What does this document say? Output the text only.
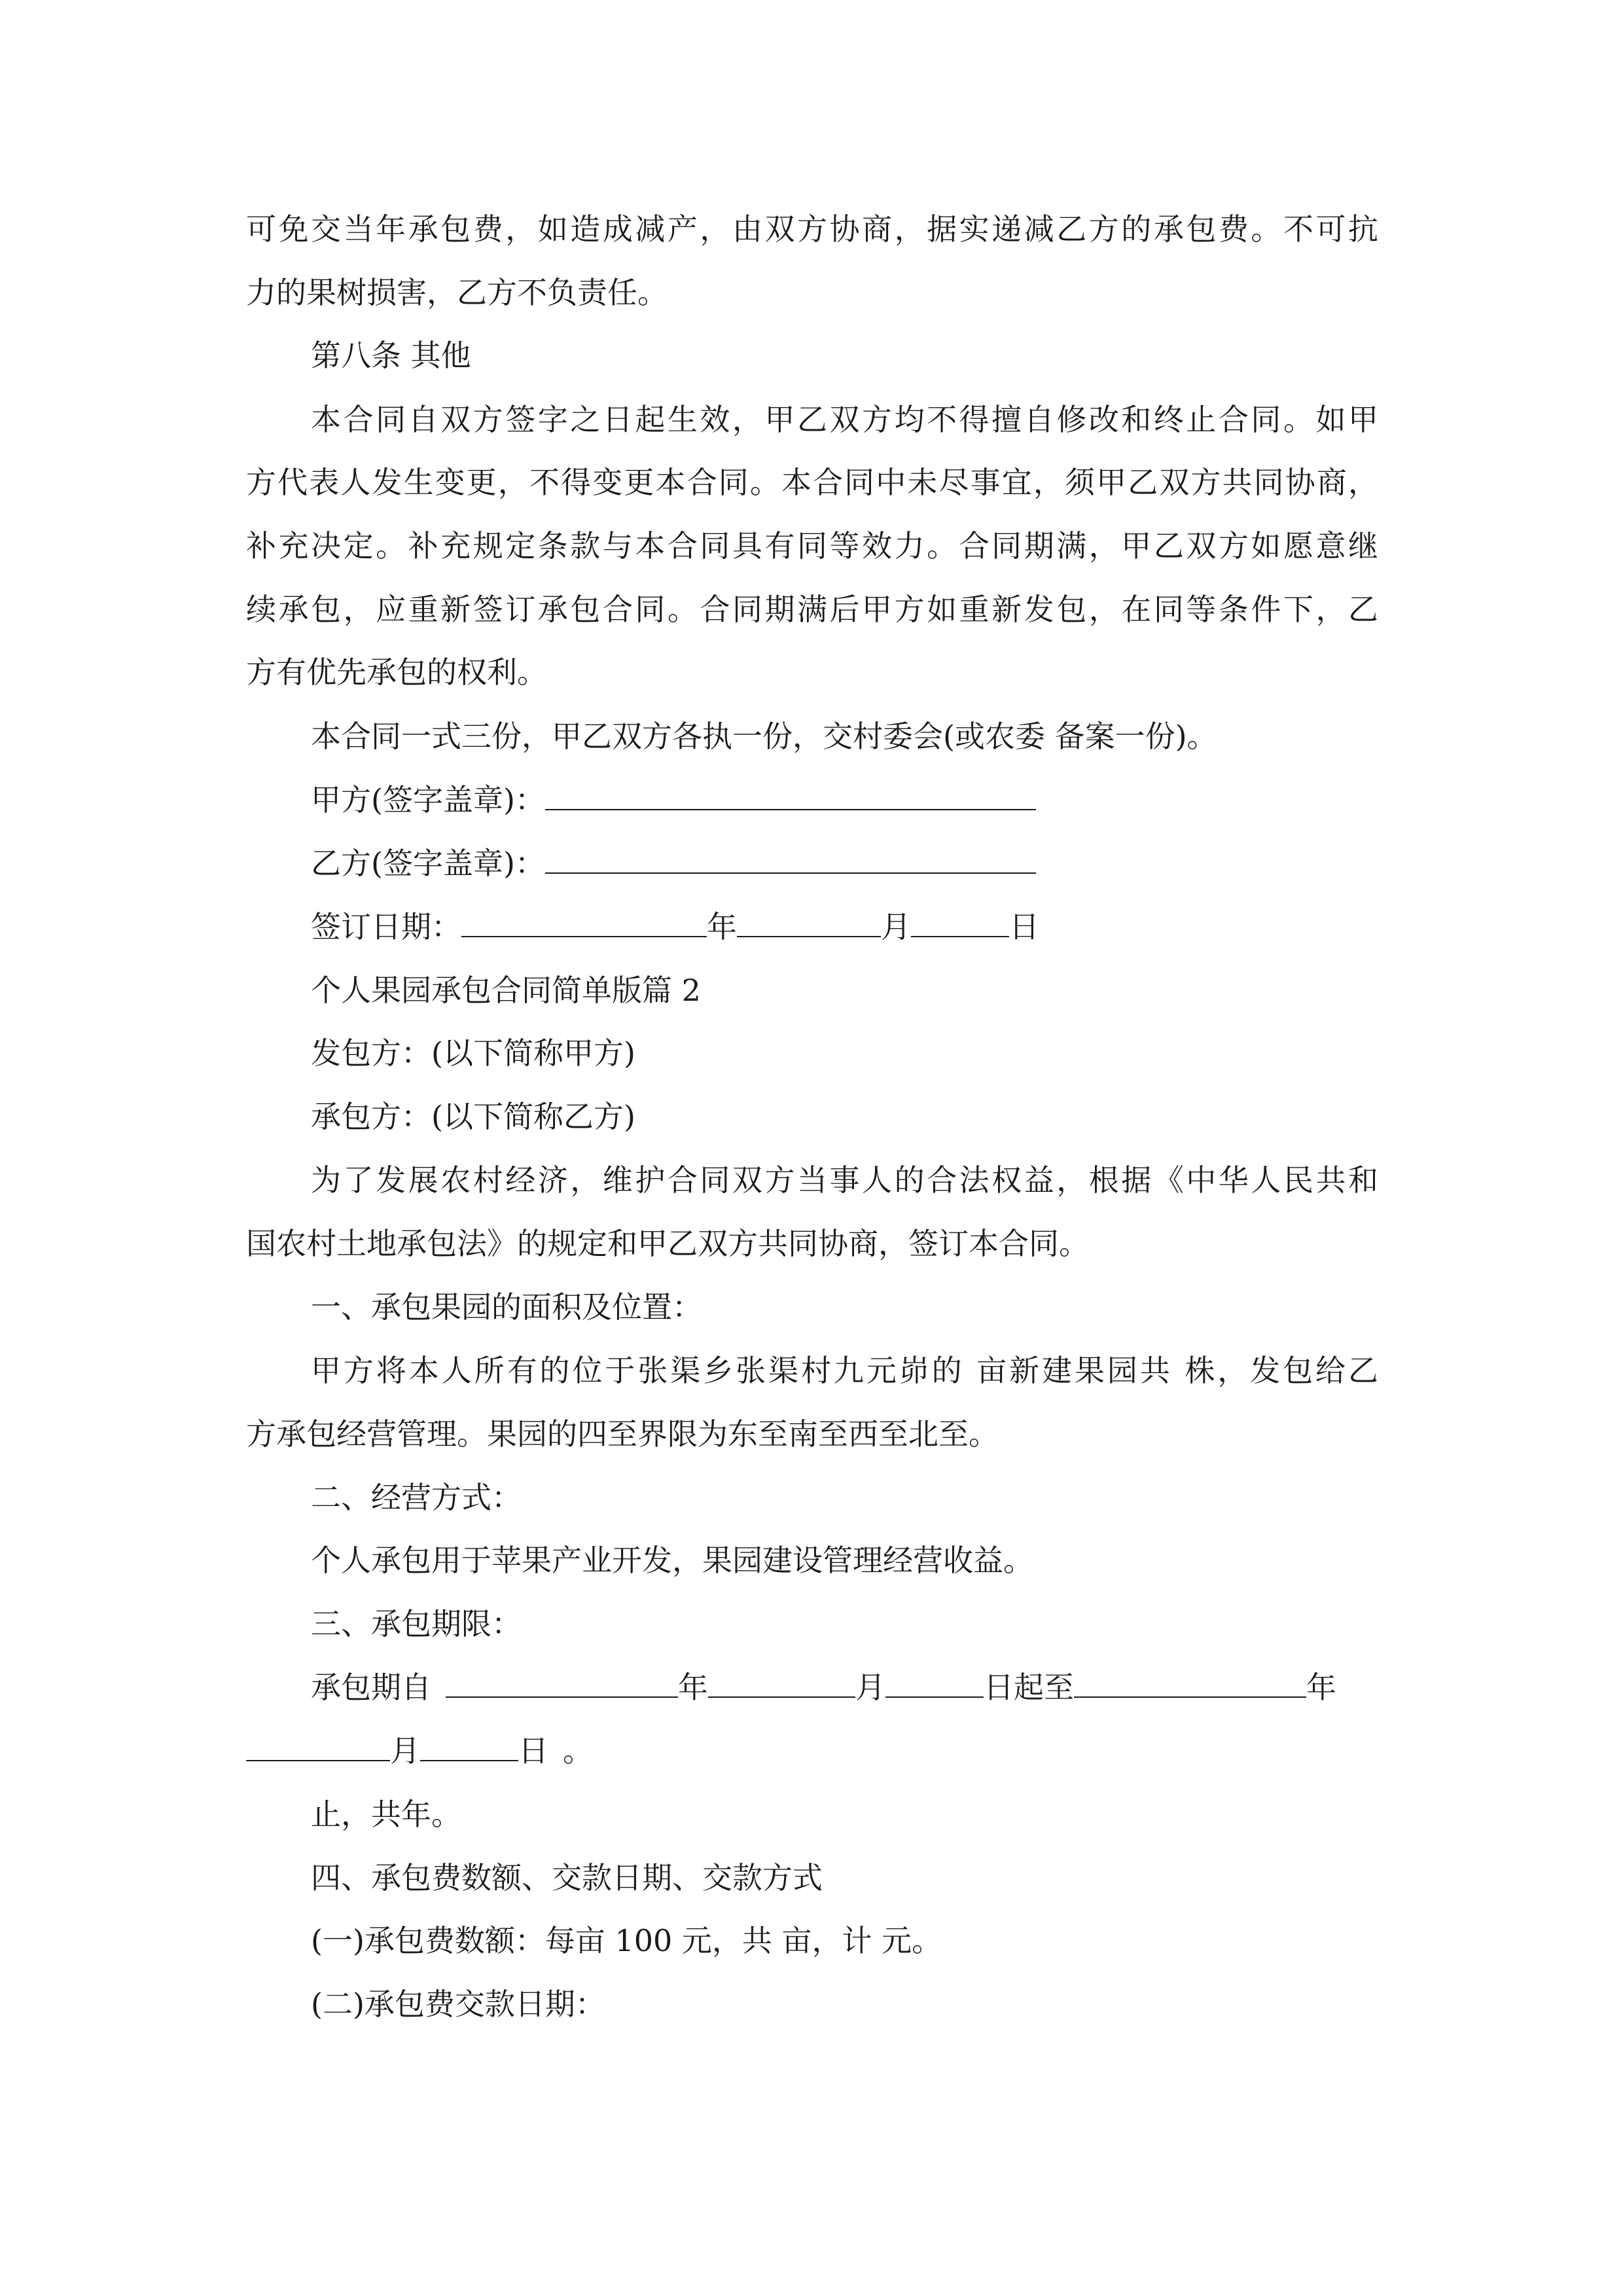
可免交当年承包费，如造成减产，由双方协商，据实递减乙方的承包费。不可抗
力的果树损害，乙方不负责任。
第八条 其他
本合同自双方签字之日起生效，甲乙双方均不得擅自修改和终止合同。如甲
方代表人发生变更，不得变更本合同。本合同中未尽事宜，须甲乙双方共同协商，
补充决定。补充规定条款与本合同具有同等效力。合同期满，甲乙双方如愿意继
续承包，应重新签订承包合同。合同期满后甲方如重新发包，在同等条件下，乙
方有优先承包的权利。
本合同一式三份，甲乙双方各执一份，交村委会(或农委 备案一份)。
甲方(签字盖章)：
乙方(签字盖章)：
签订日期：	年	月	日
个人果园承包合同简单版篇 2
发包方：(以下简称甲方)
承包方：(以下简称乙方)
为了发展农村经济，维护合同双方当事人的合法权益，根据《中华人民共和
国农村土地承包法》的规定和甲乙双方共同协商，签订本合同。
一、承包果园的面积及位置：
甲方将本人所有的位于张渠乡张渠村九元峁的 亩新建果园共 株，发包给乙
方承包经营管理。果园的四至界限为东至南至西至北至。
二、经营方式：
个人承包用于苹果产业开发，果园建设管理经营收益。
三、承包期限：
承包期自	年	月	日起至	年
月	日 。
止，共年。
四、承包费数额、交款日期、交款方式
(一)承包费数额：每亩 100 元，共 亩，计 元。
(二)承包费交款日期：
